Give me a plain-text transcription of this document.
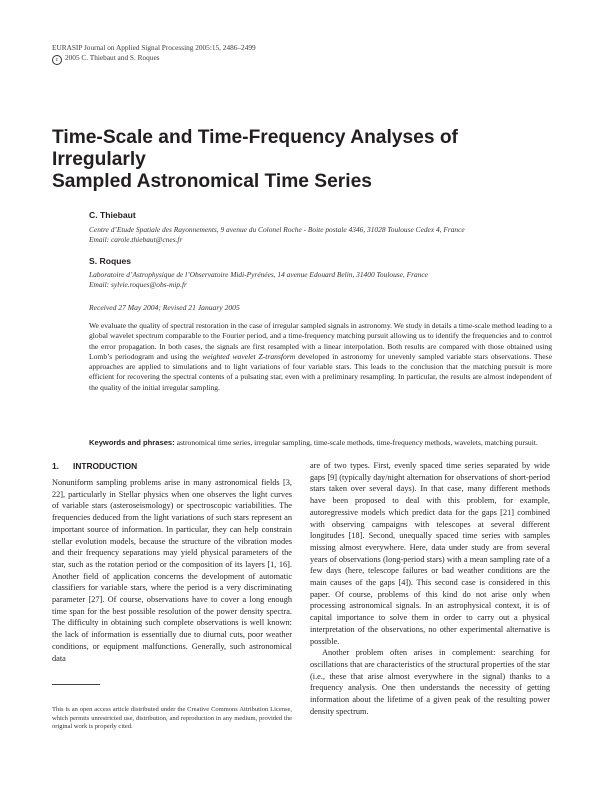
EURASIP Journal on Applied Signal Processing 2005:15, 2486–2499
c 2005 C. Thiebaut and S. Roques
Time-Scale and Time-Frequency Analyses of Irregularly
Sampled Astronomical Time Series
C. Thiebaut
Centre d’Etude Spatiale des Rayonnements, 9 avenue du Colonel Roche - Boite postale 4346, 31028 Toulouse Cedex 4, France
Email: carole.thiebaut@cnes.fr
S. Roques
Laboratoire d’Astrophysique de l’Observatoire Midi-Pyrénées, 14 avenue Edouard Belin, 31400 Toulouse, France
Email: sylvie.roques@obs-mip.fr
Received 27 May 2004; Revised 21 January 2005
We evaluate the quality of spectral restoration in the case of irregular sampled signals in astronomy. We study in details a time-scale method leading to a global wavelet spectrum comparable to the Fourier period, and a time-frequency matching pursuit allowing us to identify the frequencies and to control the error propagation. In both cases, the signals are first resampled with a linear interpolation. Both results are compared with those obtained using Lomb’s periodogram and using the weighted wavelet Z-transform developed in astronomy for unevenly sampled variable stars observations. These approaches are applied to simulations and to light variations of four variable stars. This leads to the conclusion that the matching pursuit is more efficient for recovering the spectral contents of a pulsating star, even with a preliminary resampling. In particular, the results are almost independent of the quality of the initial irregular sampling.
Keywords and phrases: astronomical time series, irregular sampling, time-scale methods, time-frequency methods, wavelets, matching pursuit.
1. INTRODUCTION
Nonuniform sampling problems arise in many astronomical fields [3, 22], particularly in Stellar physics when one observes the light curves of variable stars (asteroseismology) or spectroscopic variabilities. The frequencies deduced from the light variations of such stars represent an important source of information. In particular, they can help constrain stellar evolution models, because the structure of the vibration modes and their frequency separations may yield physical parameters of the star, such as the rotation period or the composition of its layers [1, 16]. Another field of application concerns the development of automatic classifiers for variable stars, where the period is a very discriminating parameter [27]. Of course, observations have to cover a long enough time span for the best possible resolution of the power density spectra. The difficulty in obtaining such complete observations is well known: the lack of information is essentially due to diurnal cuts, poor weather conditions, or equipment malfunctions. Generally, such astronomical data

are of two types. First, evenly spaced time series separated by wide gaps [9] (typically day/night alternation for observations of short-period stars taken over several days). In that case, many different methods have been proposed to deal with this problem, for example, autoregressive models which predict data for the gaps [21] combined with observing campaigns with telescopes at several different longitudes [18]. Second, unequally spaced time series with samples missing almost everywhere. Here, data under study are from several years of observations (long-period stars) with a mean sampling rate of a few days (here, telescope failures or bad weather conditions are the main causes of the gaps [4]). This second case is considered in this paper. Of course, problems of this kind do not arise only when processing astronomical signals. In an astrophysical context, it is of capital importance to solve them in order to carry out a physical interpretation of the observations, no other experimental alternative is possible.

Another problem often arises in complement: searching for oscillations that are characteristics of the structural properties of the star (i.e., these that arise almost everywhere in the signal) thanks to a frequency analysis. One then understands the necessity of getting information about the lifetime of a given peak of the resulting power density spectrum.

This is an open access article distributed under the Creative Commons Attribution License, which permits unrestricted use, distribution, and reproduction in any medium, provided the original work is properly cited.
